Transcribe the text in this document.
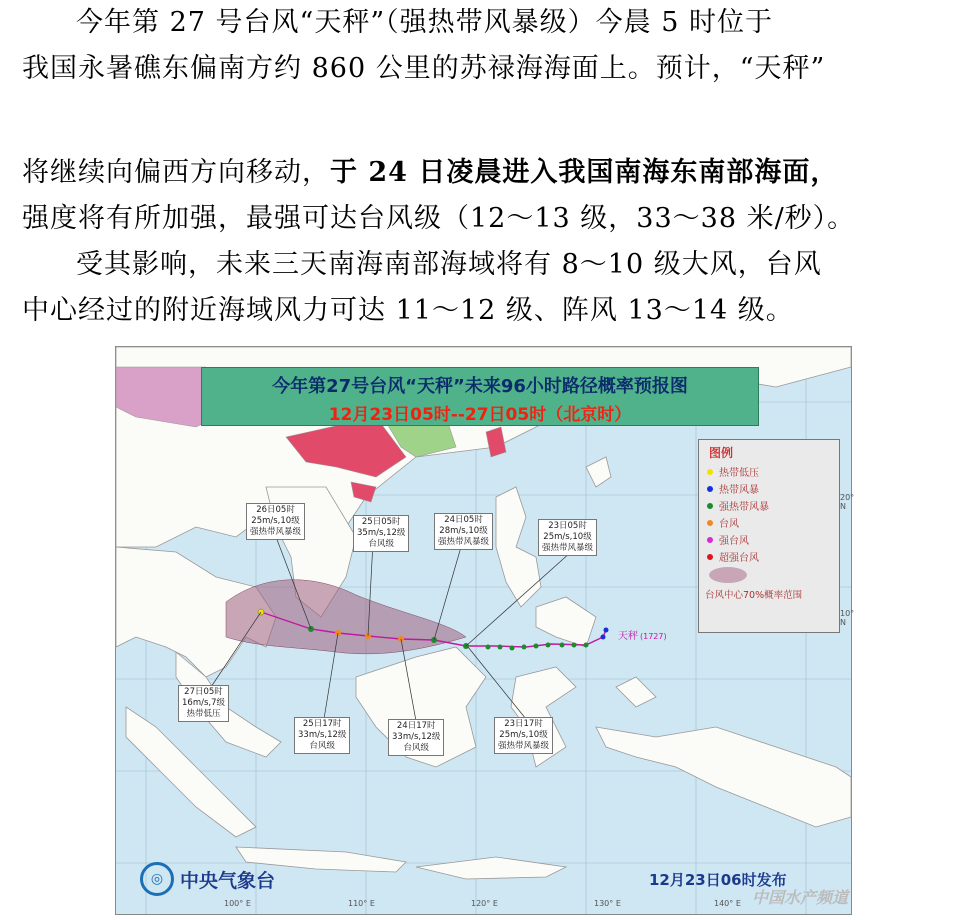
今年第 27 号台风“天秤”（强热带风暴级）今晨 5 时位于
我国永暑礁东偏南方约 860 公里的苏禄海海面上。预计，“天秤”
将继续向偏西方向移动，于 24 日凌晨进入我国南海东南部海面，
强度将有所加强，最强可达台风级（12～13 级，33～38 米/秒）。
受其影响，未来三天南海南部海域将有 8～10 级大风，台风
中心经过的附近海域风力可达 11～12 级、阵风 13～14 级。
今年第27号台风“天秤”未来96小时路径概率预报图
12月23日05时--27日05时（北京时）
图例
热带低压
热带风暴
强热带风暴
台风
强台风
超强台风
台风中心70%概率范围
天秤 (1727)
26日05时
25m/s,10级
强热带风暴级
25日05时
35m/s,12级
台风级
24日05时
28m/s,10级
强热带风暴级
23日05时
25m/s,10级
强热带风暴级
27日05时
16m/s,7级
热带低压
25日17时
33m/s,12级
台风级
24日17时
33m/s,12级
台风级
23日17时
25m/s,10级
强热带风暴级
◎ 中央气象台	12月23日06时发布
100° E	110° E	120° E	130° E	140° E
20° N
10° N
中国水产频道
